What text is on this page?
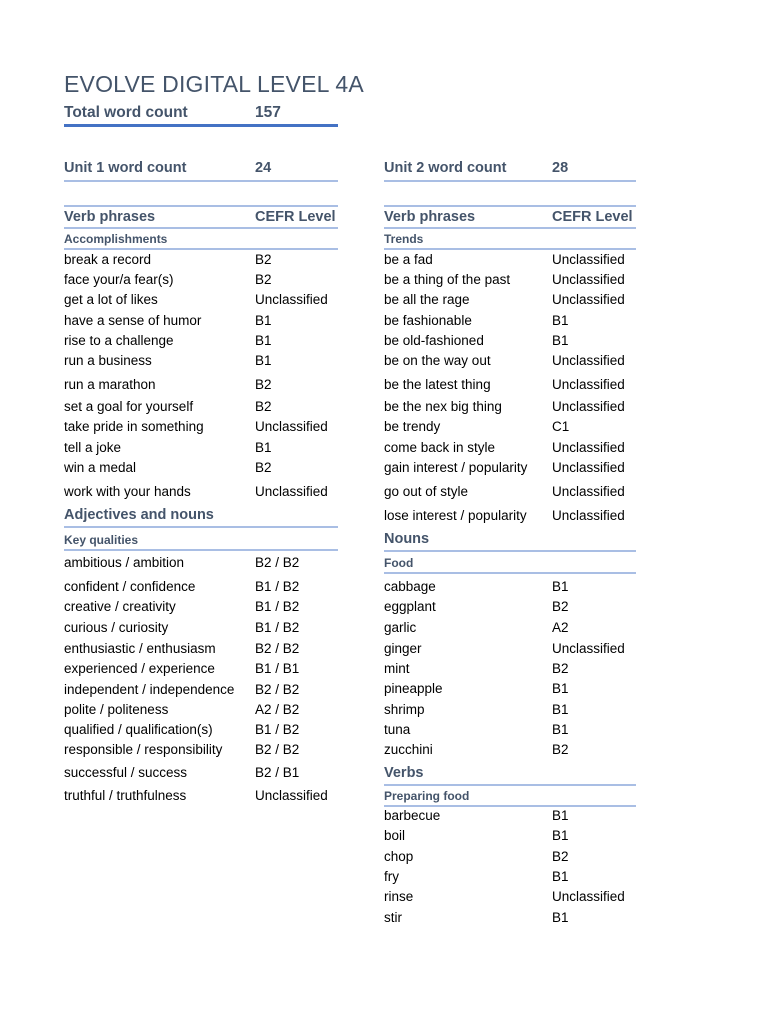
EVOLVE DIGITAL LEVEL 4A
Total word count	157
Unit 1 word count	24
Verb phrases	CEFR Level
Accomplishments
break a record	B2
face your/a fear(s)	B2
get a lot of likes	Unclassified
have a sense of humor	B1
rise to a challenge	B1
run a business	B1
run a marathon	B2
set a goal for yourself	B2
take pride in something	Unclassified
tell a joke	B1
win a medal	B2
work with your hands	Unclassified
Adjectives and nouns
Key qualities
ambitious / ambition	B2 / B2
confident / confidence	B1 / B2
creative / creativity	B1 / B2
curious / curiosity	B1 / B2
enthusiastic / enthusiasm	B2 / B2
experienced / experience	B1 / B1
independent / independence B2 / B2
polite / politeness	A2 / B2
qualified / qualification(s)	B1 / B2
responsible / responsibility B2 / B2
successful / success	B2 / B1
truthful / truthfulness	Unclassified
Unit 2 word count	28
Verb phrases	CEFR Level
Trends
be a fad	Unclassified
be a thing of the past	Unclassified
be all the rage	Unclassified
be fashionable	B1
be old-fashioned	B1
be on the way out	Unclassified
be the latest thing	Unclassified
be the nex big thing	Unclassified
be trendy	C1
come back in style	Unclassified
gain interest / popularity Unclassified
go out of style	Unclassified
lose interest / popularity Unclassified
Nouns
Food
cabbage	B1
eggplant	B2
garlic	A2
ginger	Unclassified
mint	B2
pineapple	B1
shrimp	B1
tuna	B1
zucchini	B2
Verbs
Preparing food
barbecue	B1
boil	B1
chop	B2
fry	B1
rinse	Unclassified
stir	B1
